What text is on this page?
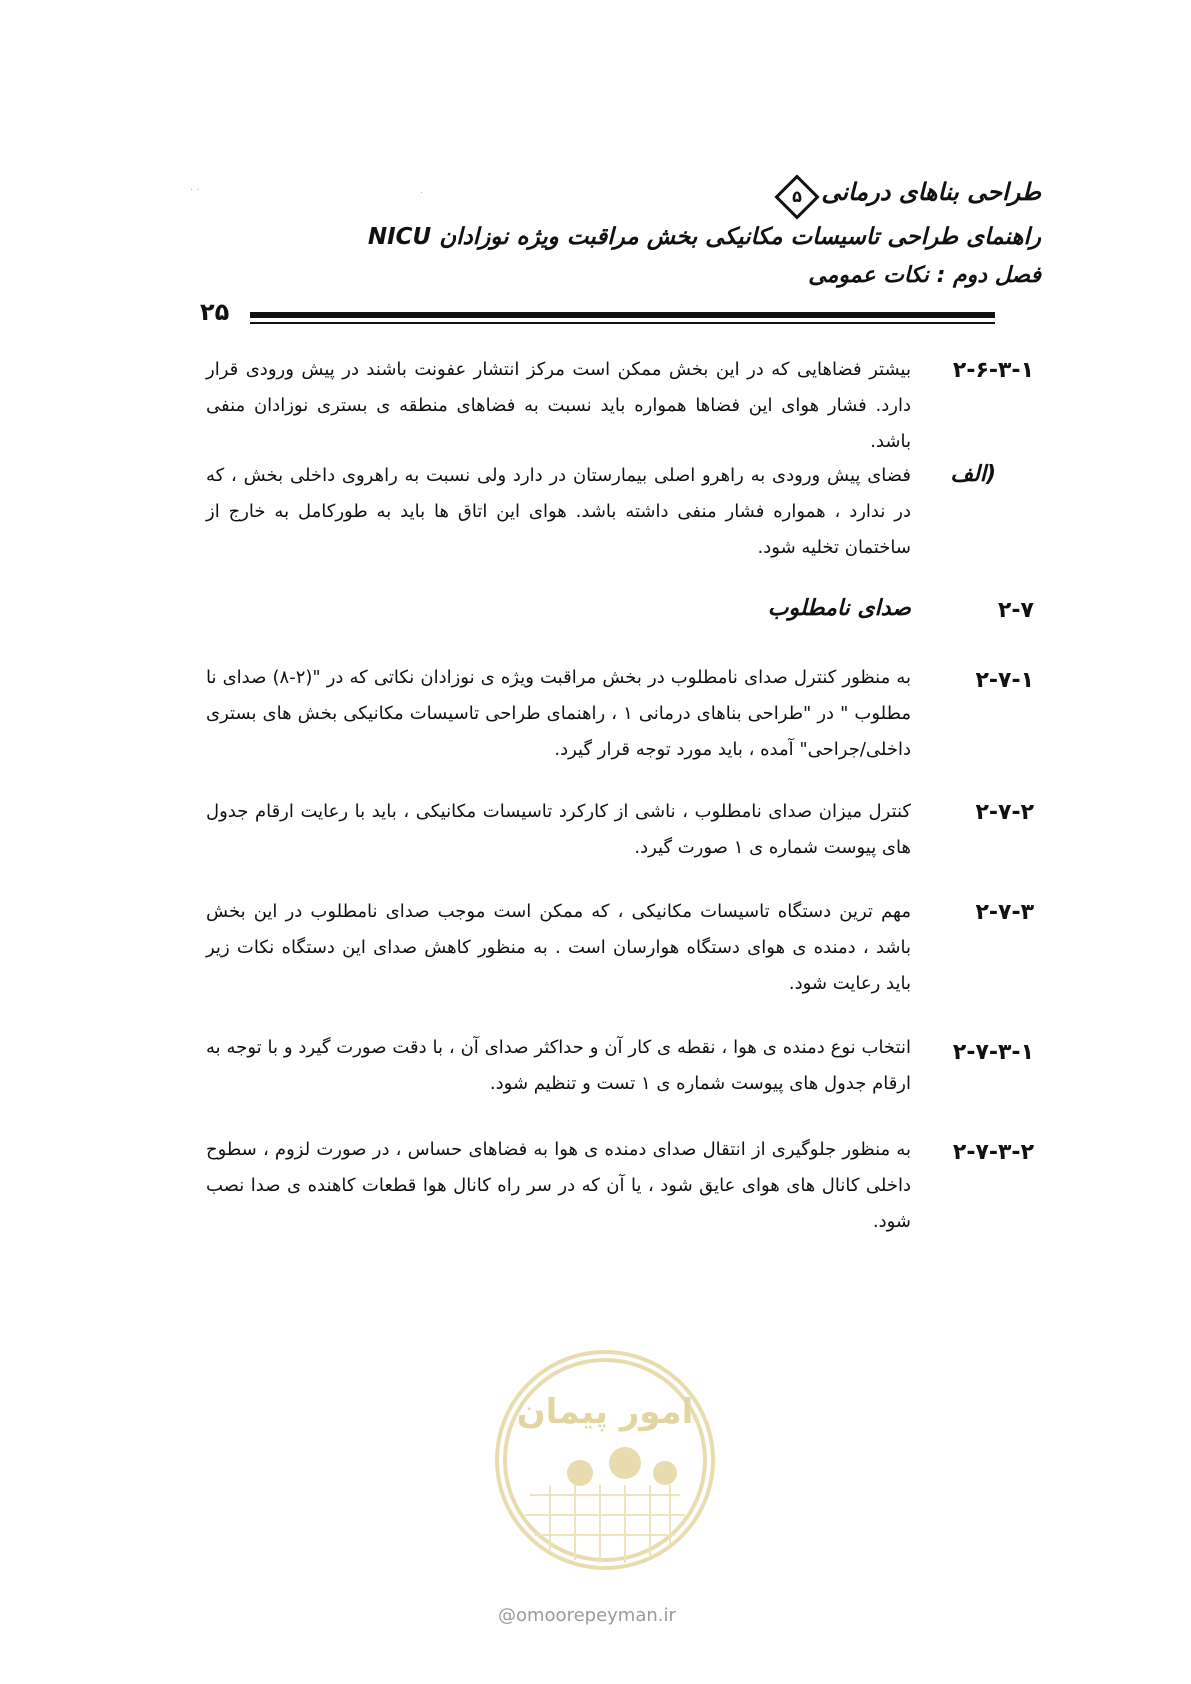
طراحی بناهای درمانی
۵
راهنمای طراحی تاسیسات مکانیکی بخش مراقبت ویژه نوزادان NICU
فصل دوم : نکات عمومی
۲۵
· ·	·
۲-۶-۳-۱
بیشتر فضاهایی که در این بخش ممکن است مرکز انتشار عفونت باشند در پیش ورودی قرار دارد. فشار هوای این فضاها همواره باید نسبت به فضاهای منطقه ی بستری نوزادان منفی باشد.
الف)
فضای پیش ورودی به راهرو اصلی بیمارستان در دارد ولی نسبت به راهروی داخلی بخش ، که در ندارد ، همواره فشار منفی داشته باشد. هوای این اتاق ها باید به طورکامل به خارج از ساختمان تخلیه شود.
۲-۷
صدای نامطلوب
۲-۷-۱
به منظور کنترل صدای نامطلوب در بخش مراقبت ویژه ی نوزادان نکاتی که در "(۲-۸) صدای نا مطلوب " در "طراحی بناهای درمانی ۱ ، راهنمای طراحی تاسیسات مکانیکی بخش های بستری داخلی/جراحی" آمده ، باید مورد توجه قرار گیرد.
۲-۷-۲
کنترل میزان صدای نامطلوب ، ناشی از کارکرد تاسیسات مکانیکی ، باید با رعایت ارقام جدول های پیوست شماره ی ۱ صورت گیرد.
۲-۷-۳
مهم ترین دستگاه تاسیسات مکانیکی ، که ممکن است موجب صدای نامطلوب در این بخش باشد ، دمنده ی هوای دستگاه هوارسان است . به منظور کاهش صدای این دستگاه نکات زیر باید رعایت شود.
۲-۷-۳-۱
انتخاب نوع دمنده ی هوا ، نقطه ی کار آن و حداکثر صدای آن ، با دقت صورت گیرد و با توجه به ارقام جدول های پیوست شماره ی ۱ تست و تنظیم شود.
۲-۷-۳-۲
به منظور جلوگیری از انتقال صدای دمنده ی هوا به فضاهای حساس ، در صورت لزوم ، سطوح داخلی کانال های هوای عایق شود ، یا آن که در سر راه کانال هوا قطعات کاهنده ی صدا نصب شود.
امور پیمان
@omoorepeyman.ir
